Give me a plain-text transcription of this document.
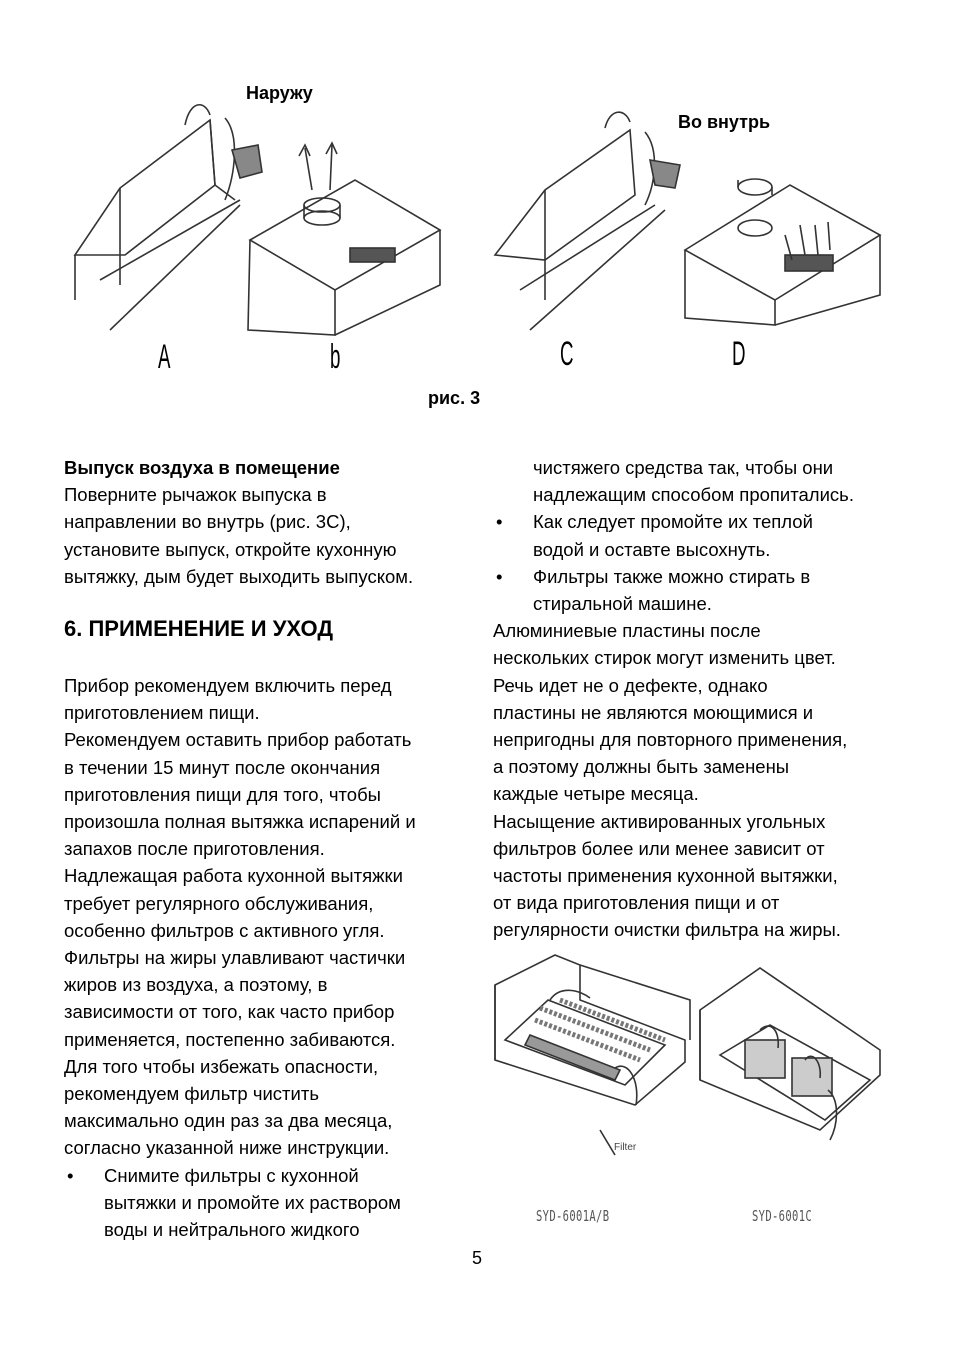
Наружу
Во внутрь
A	b	C	D
рис. 3

Выпуск воздуха в помещение

Поверните рычажок выпуска в

направлении во внутрь (рис. 3С),

установите выпуск, откройте кухонную

вытяжку, дым будет выходить выпуском.

6. ПРИМЕНЕНИЕ И УХОД

Прибор рекомендуем включить перед

приготовлением пищи.

Рекомендуем оставить прибор работать

в течении 15 минут после окончания

приготовления пищи для того, чтобы

произошла полная вытяжка испарений и

запахов после приготовления.

Надлежащая работа кухонной вытяжки

требует регулярного обслуживания,

особенно фильтров с активного угля.

Фильтры на жиры улавливают частички

жиров из воздуха, а поэтому, в

зависимости от того, как часто прибор

применяется, постепенно забиваются.

Для того чтобы избежать опасности,

рекомендуем фильтр чистить

максимально один раз за два месяца,

согласно указанной ниже инструкции.

• Снимите фильтры с кухонной

вытяжки и промойте их раствором

воды и нейтрального жидкого

чистяжего средства так, чтобы они

надлежащим способом пропитались.

• Как следует промойте их теплой

водой и оставте высохнуть.

• Фильтры также можно стирать в

стиральной машине.

Алюминиевые пластины после

нескольких стирок могут изменить цвет.

Речь идет не о дефекте, однако

пластины не являются моющимися и

непригодны для повторного применения,

а поэтому должны быть заменены

каждые четыре месяца.

Насыщение активированных угольных

фильтров более или менее зависит от

частоты применения кухонной вытяжки,

от вида приготовления пищи и от

регулярности очистки фильтра на жиры.

Filter
SYD-6001A/B	SYD-6001C
5
